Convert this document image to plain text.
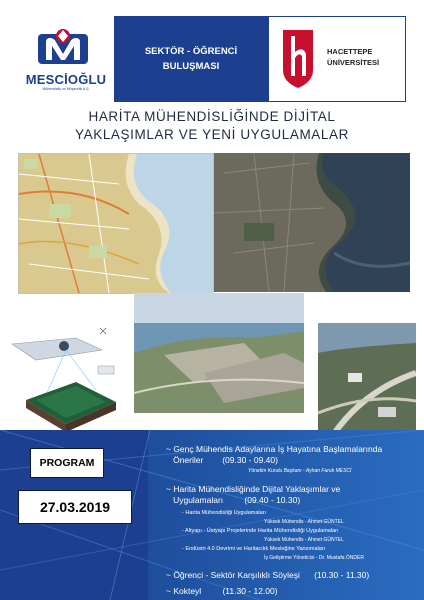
MESCİOĞLU
Mühendislik ve Müşavirlik A.Ş.
SEKTÖR - ÖĞRENCİ
BULUŞMASI
HACETTEPE
ÜNİVERSİTESİ
HARİTA MÜHENDİSLİĞİNDE DİJİTAL
YAKLAŞIMLAR VE YENİ UYGULAMALAR
PROGRAM
27.03.2019
~ Genç Mühendis Adaylarına İş Hayatına Başlamalarında
Öneriler        (09.30 - 09.40)
Yönetim Kurulu Başkanı - Ayhan Faruk MESCİ
~ Harita Mühendisliğinde Dijital Yaklaşımlar ve
Uygulamaları         (09.40 - 10.30)
- Harita Mühendisliği Uygulamaları
Yüksek Mühendis - Ahmet GÜNTEL
- Altyapı - Üstyapı Projelerinde Harita Mühendisliği Uygulamaları
Yüksek Mühendis - Ahmet GÜNTEL
- Endüstri 4.0 Devrimi ve Haritacılık Mesleğine Yansımaları
İş Geliştirme Yöneticisi - Dr. Mustafa ÖNDER
~ Öğrenci - Sektör Karşılıklı Söyleşi      (10.30 - 11.30)
~ Kokteyl         (11.30 - 12.00)
